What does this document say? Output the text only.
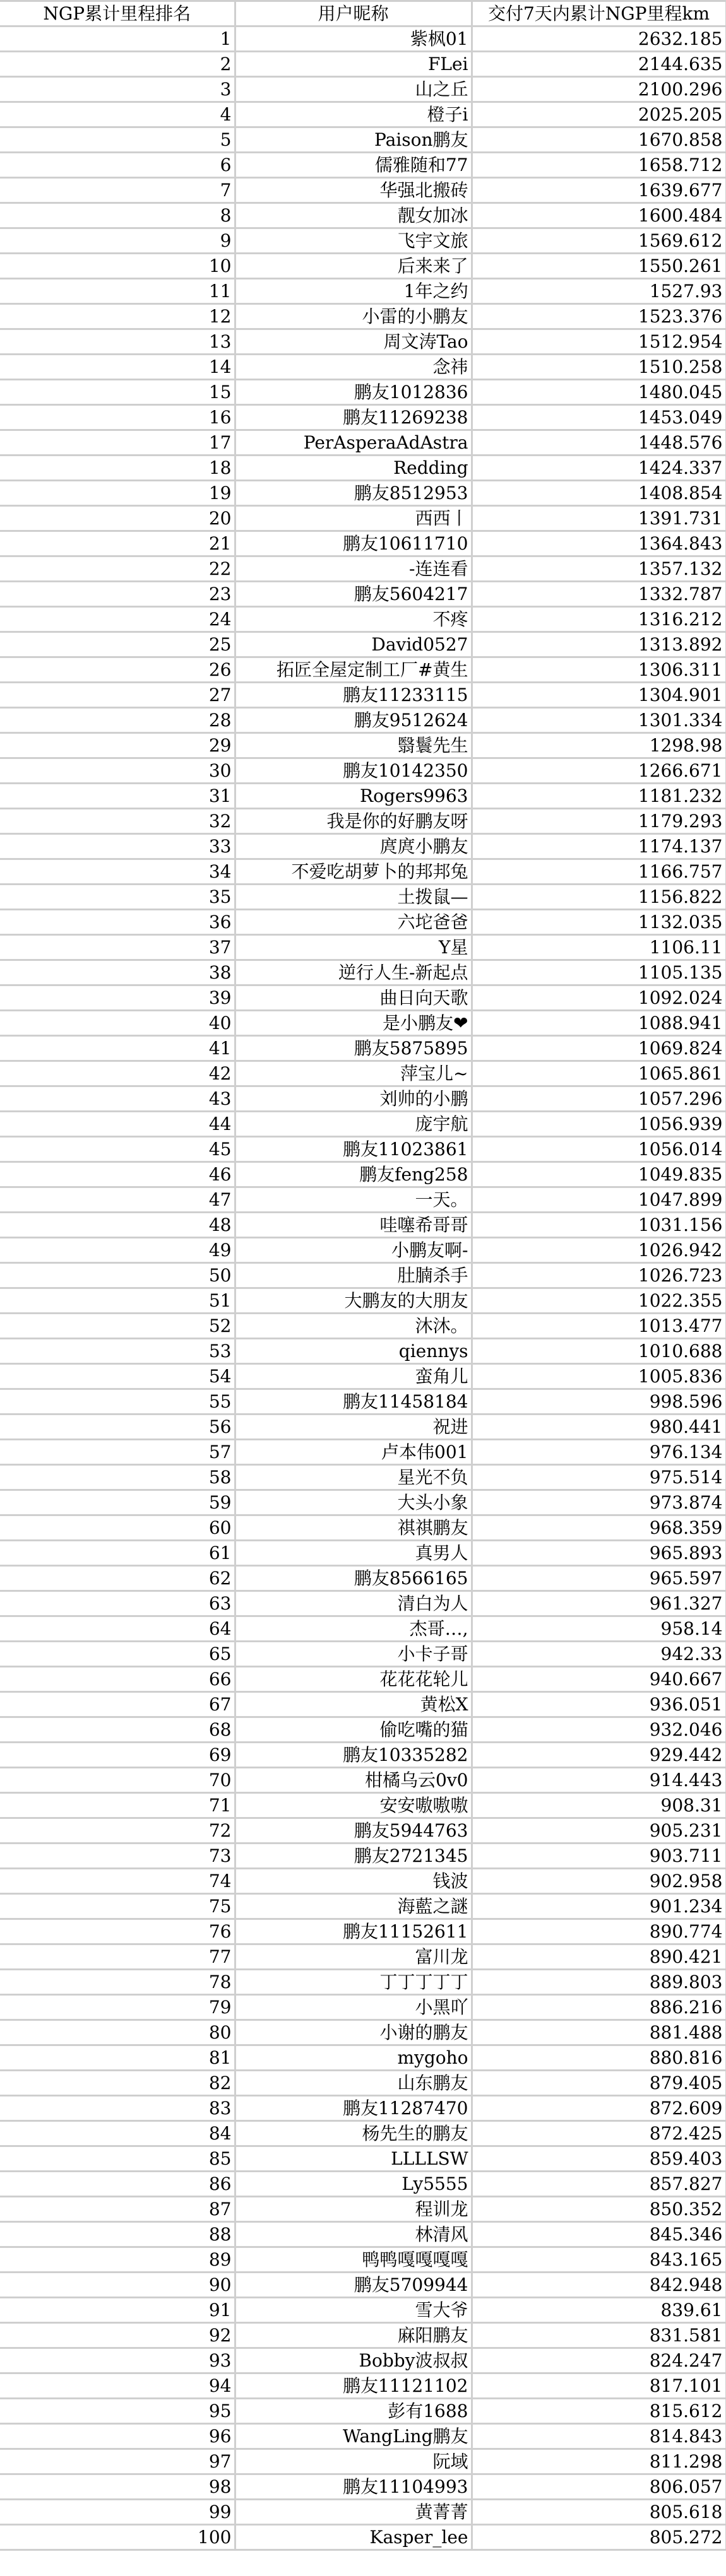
NGP累计里程排名	用户昵称	交付7天内累计NGP里程km
1	紫枫01	2632.185
2	FLei	2144.635
3	山之丘	2100.296
4	橙子i	2025.205
5	Paison鹏友	1670.858
6	儒雅随和77	1658.712
7	华强北搬砖	1639.677
8	靓女加冰	1600.484
9	飞宇文旅	1569.612
10	后来来了	1550.261
11	1年之约	1527.93
12	小雷的小鹏友	1523.376
13	周文涛Tao	1512.954
14	念祎	1510.258
15	鹏友1012836	1480.045
16	鹏友11269238	1453.049
17	PerAsperaAdAstra	1448.576
18	Redding	1424.337
19	鹏友8512953	1408.854
20	西西丨	1391.731
21	鹏友10611710	1364.843
22	-连连看	1357.132
23	鹏友5604217	1332.787
24	不疼	1316.212
25	David0527	1313.892
26	拓匠全屋定制工厂#黄生	1306.311
27	鹏友11233115	1304.901
28	鹏友9512624	1301.334
29	翳鬟先生	1298.98
30	鹏友10142350	1266.671
31	Rogers9963	1181.232
32	我是你的好鹏友呀	1179.293
33	庹庹小鹏友	1174.137
34	不爱吃胡萝卜的邦邦兔	1166.757
35	土拨鼠—	1156.822
36	六坨爸爸	1132.035
37	Y星	1106.11
38	逆行人生-新起点	1105.135
39	曲日向天歌	1092.024
40	是小鹏友❤	1088.941
41	鹏友5875895	1069.824
42	萍宝儿~	1065.861
43	刘帅的小鹏	1057.296
44	庞宇航	1056.939
45	鹏友11023861	1056.014
46	鹏友feng258	1049.835
47	一天。	1047.899
48	哇噻希哥哥	1031.156
49	小鹏友啊-	1026.942
50	肚腩杀手	1026.723
51	大鹏友的大朋友	1022.355
52	沐沐。	1013.477
53	qiennys	1010.688
54	蛮角儿	1005.836
55	鹏友11458184	998.596
56	祝进	980.441
57	卢本伟001	976.134
58	星光不负	975.514
59	大头小象	973.874
60	祺祺鹏友	968.359
61	真男人	965.893
62	鹏友8566165	965.597
63	清白为人	961.327
64	杰哥…,	958.14
65	小卡子哥	942.33
66	花花花轮儿	940.667
67	黄松X	936.051
68	偷吃嘴的猫	932.046
69	鹏友10335282	929.442
70	柑橘乌云0v0	914.443
71	安安嗷嗷嗷	908.31
72	鹏友5944763	905.231
73	鹏友2721345	903.711
74	钱波	902.958
75	海藍之謎	901.234
76	鹏友11152611	890.774
77	富川龙	890.421
78	丁丁丁丁丁	889.803
79	小黑吖	886.216
80	小谢的鹏友	881.488
81	mygoho	880.816
82	山东鹏友	879.405
83	鹏友11287470	872.609
84	杨先生的鹏友	872.425
85	LLLLSW	859.403
86	Ly5555	857.827
87	程训龙	850.352
88	林清风	845.346
89	鸭鸭嘎嘎嘎嘎	843.165
90	鹏友5709944	842.948
91	雪大爷	839.61
92	麻阳鹏友	831.581
93	Bobby波叔叔	824.247
94	鹏友11121102	817.101
95	彭有1688	815.612
96	WangLing鹏友	814.843
97	阮域	811.298
98	鹏友11104993	806.057
99	黄菁菁	805.618
100	Kasper_lee	805.272
